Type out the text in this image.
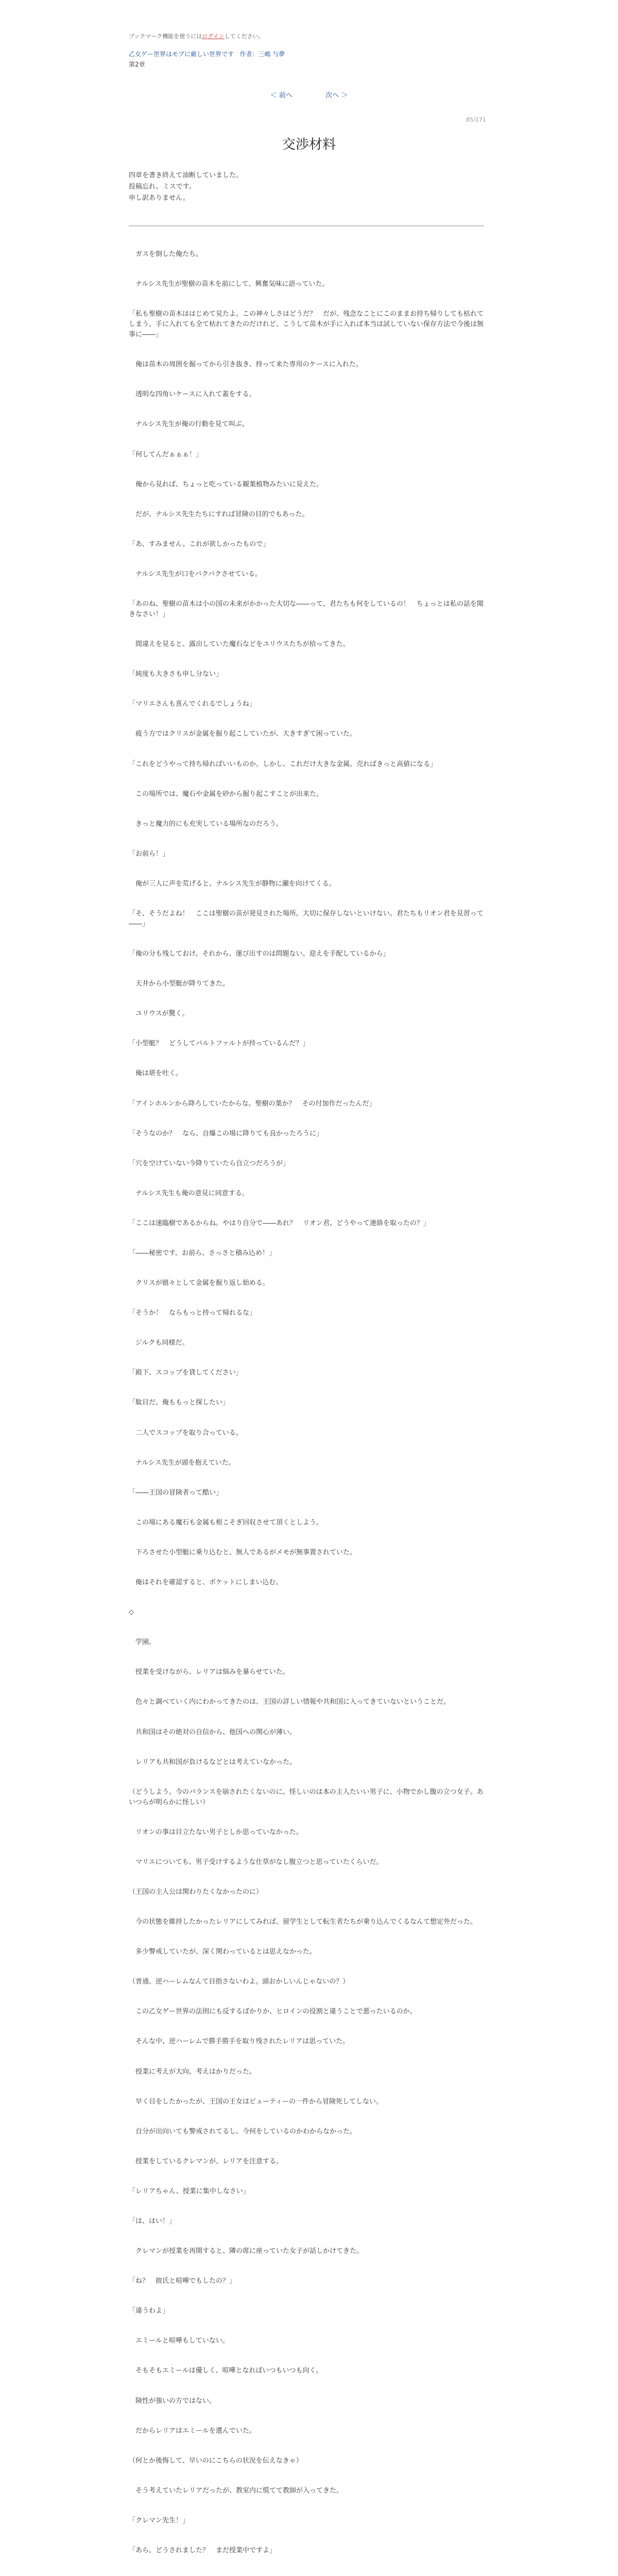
ブックマーク機能を使うにはログインしてください。
乙女ゲー世界はモブに厳しい世界です 作者：三嶋 与夢
第2章
＜ 前へ	次へ ＞
85/171
交渉材料

四章を書き終えて油断していました。

投稿忘れ、ミスです。

申し訳ありません。

　ガスを倒した俺たち。

　ナルシス先生が聖樹の苗木を前にして、興奮気味に語っていた。

「私も聖樹の苗木ははじめて見たよ。この神々しさはどうだ？　だが、残念なことにこのままお持ち帰りしても枯れてしまう。手に入れても全て枯れてきたのだけれど、こうして苗木が手に入れば本当は試していない保存方法で今後は無事に――」

　俺は苗木の周囲を掘ってから引き抜き、持って来た専用のケースに入れた。

　透明な四角いケースに入れて蓋をする。

　ナルシス先生が俺の行動を見て叫ぶ。

「何してんだぁぁぁ！」

　俺から見れば、ちょっと吃っている観葉植物みたいに見えた。

　だが、ナルシス先生たちにすれば冒険の目的でもあった。

「あ、すみません。これが欲しかったもので」

　ナルシス先生が口をパクパクさせている。

「あのね、聖樹の苗木は小の国の未来がかかった大切な――って、君たちも何をしているの！　ちょっとは私の話を聞きなさい！」

　間違えを見ると、露出していた魔石などをユリウスたちが拾ってきた。

「純度も大きさも申し分ない」

「マリエさんも喜んでくれるでしょうね」

　疲う方ではクリスが金属を掘り起こしていたが、大きすぎて困っていた。

「これをどうやって持ち帰ればいいものか。しかし、これだけ大きな金属。売ればきっと高値になる」

　この場所では、魔石や金属を砂から掘り起こすことが出来た。

　きっと魔力的にも充実している場所なのだろう。

「お前ら！」

　俺が三人に声を荒げると、ナルシス先生が静物に瀬を向けてくる。

「そ、そうだよね！　ここは聖樹の苗が発見された場所。大切に保存しないといけない。君たちもリオン君を見習って――」

「俺の分も残しておけ。それから、運び出すのは問題ない。迎えを手配しているから」

　天井から小型艇が降りてきた。

　ユリウスが驚く。

「小型艇？　どうしてパルトファルトが持っているんだ？」

　俺は堪を吐く。

「アインホルンから降ろしていたからな。聖樹の葉か？　その付加作だったんだ」

「そうなのか？　なら、自爆この場に降りても良かったろうに」

「穴を空けていない今降りていたら自立つだろうが」

　ナルシス先生も俺の意見に同意する。

「ここは速臨樹であるからね。やはり自分で――あれ？　リオン君、どうやって連絡を取ったの？」

「――秘密です。お前ら、さっさと積み込め！」

　クリスが嬉々として金属を掘り返し始める。

「そうか！　ならもっと持って帰れるな」

　ジルクも同様だ。

「殿下、スコップを貸してください」

「駄目だ。俺ももっと探したい」

　二人でスコップを取り合っている。

　ナルシス先生が頭を抱えていた。

「――王国の冒険者って酷い」

　この場にある魔石も金属も根こそぎ回収させて頂くとしよう。

　下ろさせた小型艇に乗り込むと、無人であるがメモが無事置されていた。

　俺はそれを確認すると、ポケットにしまい込む。

◇

　学園。

　授業を受けながら、レリアは悩みを暴らせていた。

　色々と調べていく内にわかってきたのは、王国の詳しい情報や共和国に入ってきていないということだ。

　共和国はその絶対の自信から、他国への関心が薄い。

　レリアも共和国が負けるなどとは考えていなかった。

（どうしよう。今のバランスを崩されたくないのに。怪しいのは本の主人たいい男子に、小物でかし腹の立つ女子。あいつらが明らかに怪しい）

　リオンの事は目立たない男子としか思っていなかった。

　マリエについても、男子受けするような仕草がなし腹立つと思っていたくらいだ。

（王国の主人公は関わりたくなかったのに）

　今の状態を維持したかったレリアにしてみれば、留学生として転生者たちが乗り込んでくるなんて想定外だった。

　多少警戒していたが、深く関わっているとは思えなかった。

（普通、逆ハーレムなんて目指さないわよ。頭おかしいんじゃないの？）

　この乙女ゲー世界の法則にも反するばかりか、ヒロインの役割と違うことで悪ったいるのか。

　そんな中、逆ハーレムで勝手勝手を取り残されたレリアは思っていた。

　授業に考えが大向、考えはかりだった。

　早く目をしたかったが、王国の王女はビューティーの一件から冒険死してしない。

　自分が出向いても警戒されてるし、今何をしているのかわからなかった。

　授業をしているクレマンが、レリアを注意する。

「レリアちゃん、授業に集中しなさい」

「は、はい！」

　クレマンが授業を再開すると、隣の席に座っていた女子が話しかけてきた。

「ね？　彼氏と喧嘩でもしたの？」

「違うわよ」

　エミールと喧嘩もしていない。

　そもそもエミールは優しく、喧嘩となればいつもいつも向く。

　険性が強いの方ではない。

　だからレリアはエミールを選んでいた。

（何とか後悔して、早いのにこちらの状況を伝えなきゃ）

　そう考えていたレリアだったが、教室内に慌てて教師が入ってきた。

「クレマン先生！」

「あら、どうされました？　まだ授業中ですよ」
